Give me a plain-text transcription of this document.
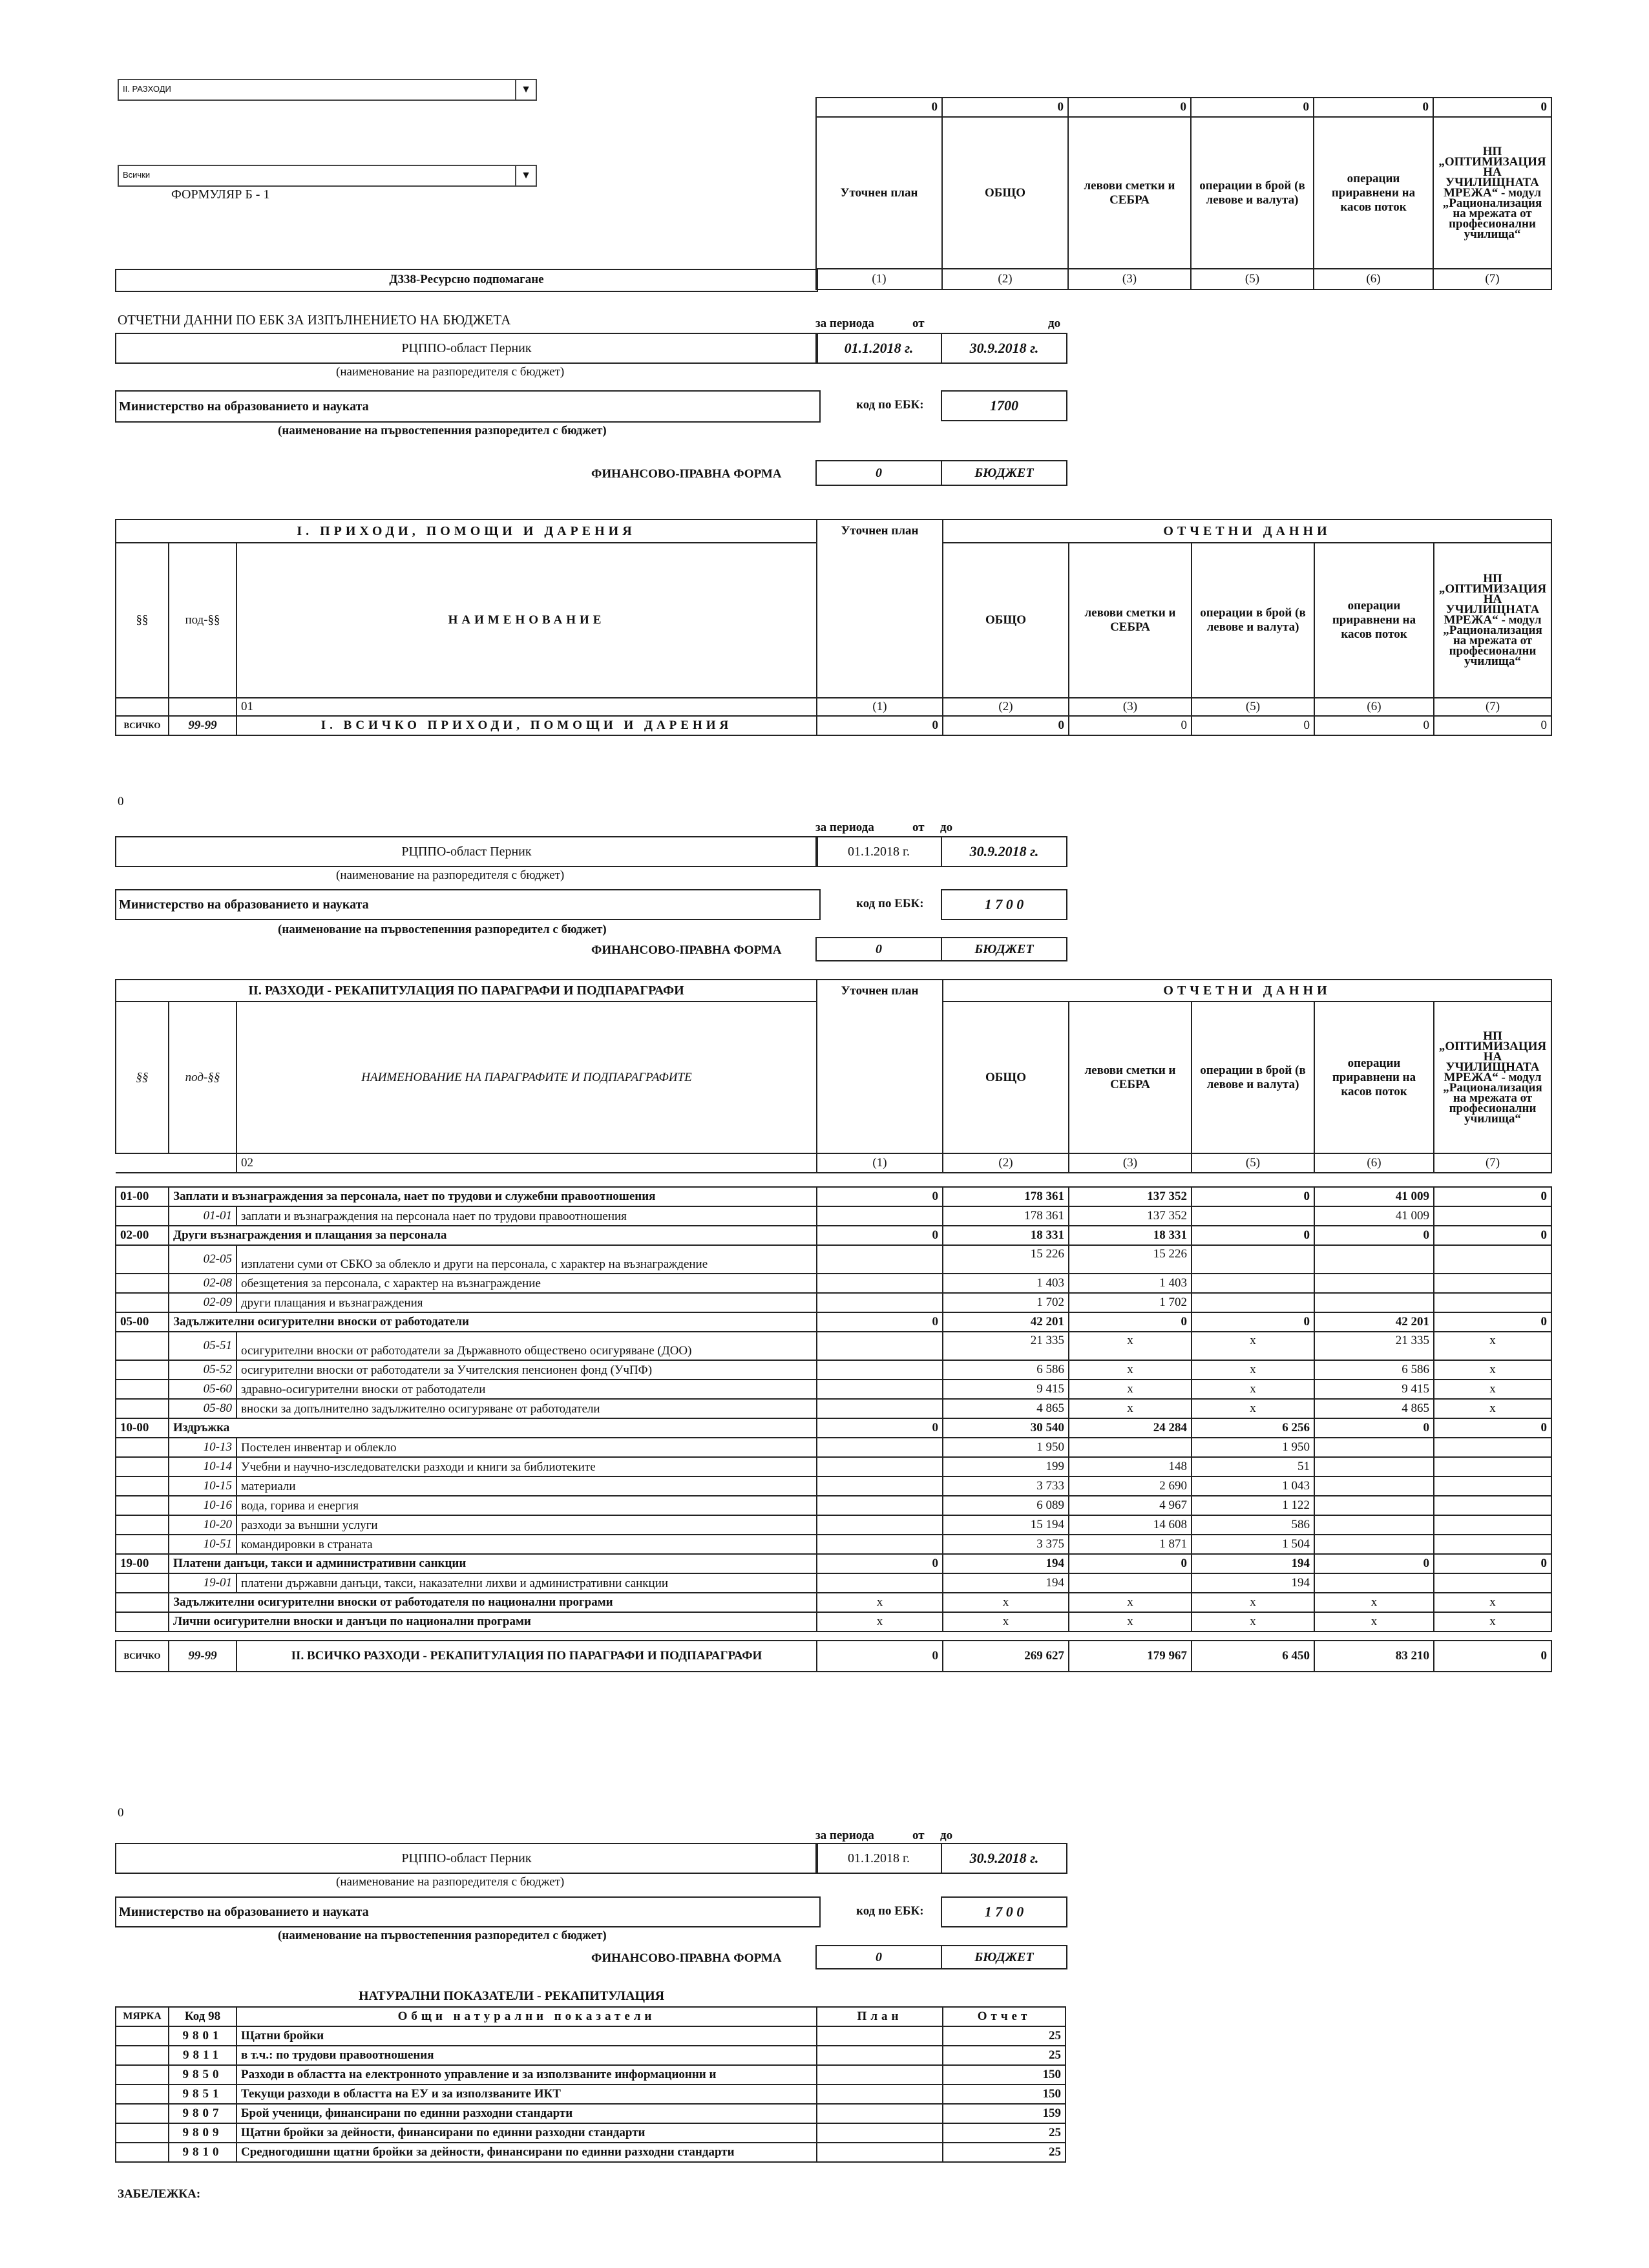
II. РАЗХОДИ	▼
Всички	▼
ФОРМУЛЯР Б - 1
0	0	0	0	0	0
Уточнен план	ОБЩО	левови сметки и СЕБРА	операции в брой (в левове и валута)	операции приравнени на касов поток	НП „ОПТИМИЗАЦИЯ НА УЧИЛИЩНАТА МРЕЖА“ - модул „Рационализация на мрежата от професионални училища“
(1)	(2)	(3)	(5)	(6)	(7)
Д338-Ресурсно подпомагане
ОТЧЕТНИ ДАННИ ПО ЕБК ЗА ИЗПЪЛНЕНИЕТО НА БЮДЖЕТА	за периода	от	до
РЦППО-област Перник	01.1.2018 г.	30.9.2018 г.
(наименование на разпоредителя с бюджет)
Министерство на образованието и науката	код по ЕБК:	1700
(наименование на първостепенния разпоредител с бюджет)
ФИНАНСОВО-ПРАВНА ФОРМА	0	БЮДЖЕТ
I. ПРИХОДИ, ПОМОЩИ И ДАРЕНИЯ			Уточнен план	ОТЧЕТНИ ДАННИ				
§§	под-§§	НАИМЕНОВАНИЕ		ОБЩО	левови сметки и СЕБРА	операции в брой (в левове и валута)	операции приравнени на касов поток	НП „ОПТИМИЗАЦИЯ НА УЧИЛИЩНАТА МРЕЖА“ - модул „Рационализация на мрежата от професионални училища“
		01	(1)	(2)	(3)	(5)	(6)	(7)
ВСИЧКО	99-99	I. ВСИЧКО ПРИХОДИ, ПОМОЩИ И ДАРЕНИЯ	0	0	0	0	0	0
0
за периода	от до
РЦППО-област Перник	01.1.2018 г.	30.9.2018 г.
(наименование на разпоредителя с бюджет)
Министерство на образованието и науката	код по ЕБК:	1 7 0 0
(наименование на първостепенния разпоредител с бюджет)
ФИНАНСОВО-ПРАВНА ФОРМА	0	БЮДЖЕТ
II. РАЗХОДИ - РЕКАПИТУЛАЦИЯ ПО ПАРАГРАФИ И ПОДПАРАГРАФИ			Уточнен план	ОТЧЕТНИ ДАННИ				
§§	под-§§	НАИМЕНОВАНИЕ НА ПАРАГРАФИТЕ И ПОДПАРАГРАФИТЕ		ОБЩО	левови сметки и СЕБРА	операции в брой (в левове и валута)	операции приравнени на касов поток	НП „ОПТИМИЗАЦИЯ НА УЧИЛИЩНАТА МРЕЖА“ - модул „Рационализация на мрежата от професионални училища“
		02	(1)	(2)	(3)	(5)	(6)	(7)

01-00	Заплати и възнаграждения за персонала, нает по трудови и служебни правоотношения		0	178 361	137 352	0	41 009	0
	01-01	заплати и възнаграждения на персонала нает по трудови правоотношения		178 361	137 352		41 009	
02-00	Други възнаграждения и плащания за персонала		0	18 331	18 331	0	0	0
	02-05	изплатени суми от СБКО за облекло и други на персонала, с характер на възнаграждение		15 226	15 226			
	02-08	обезщетения за персонала, с характер на възнаграждение		1 403	1 403			
	02-09	други плащания и възнаграждения		1 702	1 702			
05-00	Задължителни осигурителни вноски от работодатели		0	42 201	0	0	42 201	0
	05-51	осигурителни вноски от работодатели за Държавното обществено осигуряване (ДОО)		21 335	x	x	21 335	x
	05-52	осигурителни вноски от работодатели за Учителския пенсионен фонд (УчПФ)		6 586	x	x	6 586	x
	05-60	здравно-осигурителни вноски от работодатели		9 415	x	x	9 415	x
	05-80	вноски за допълнително задължително осигуряване от работодатели		4 865	x	x	4 865	x
10-00	Издръжка		0	30 540	24 284	6 256	0	0
	10-13	Постелен инвентар и облекло		1 950		1 950		
	10-14	Учебни и научно-изследователски разходи и книги за библиотеките		199	148	51		
	10-15	материали		3 733	2 690	1 043		
	10-16	вода, горива и енергия		6 089	4 967	1 122		
	10-20	разходи за външни услуги		15 194	14 608	586		
	10-51	командировки в страната		3 375	1 871	1 504		
19-00	Платени данъци, такси и административни санкции		0	194	0	194	0	0
	19-01	платени държавни данъци, такси, наказателни лихви и административни санкции		194		194		
	Задължителни осигурителни вноски от работодателя по национални програми		x	x	x	x	x	x
	Лични осигурителни вноски и данъци по национални програми		x	x	x	x	x	x

ВСИЧКО	99-99	II. ВСИЧКО РАЗХОДИ - РЕКАПИТУЛАЦИЯ ПО ПАРАГРАФИ И ПОДПАРАГРАФИ	0	269 627	179 967	6 450	83 210	0
0
за периода	от до
РЦППО-област Перник	01.1.2018 г.	30.9.2018 г.
(наименование на разпоредителя с бюджет)
Министерство на образованието и науката	код по ЕБК:	1 7 0 0
(наименование на първостепенния разпоредител с бюджет)
ФИНАНСОВО-ПРАВНА ФОРМА	0	БЮДЖЕТ
НАТУРАЛНИ ПОКАЗАТЕЛИ - РЕКАПИТУЛАЦИЯ
МЯРКА	Код 98	Общи натурални показатели	План	Отчет
	9801	Щатни бройки		25
	9811	в т.ч.: по трудови правоотношения		25
	9850	Разходи в областта на електронното управление и за използваните информационни и		150
	9851	Текущи разходи в областта на ЕУ и за използваните ИКТ		150
	9807	Брой ученици, финансирани по единни разходни стандарти		159
	9809	Щатни бройки за дейности, финансирани по единни разходни стандарти		25
	9810	Средногодишни щатни бройки за дейности, финансирани по единни разходни стандарти		25
ЗАБЕЛЕЖКА:
